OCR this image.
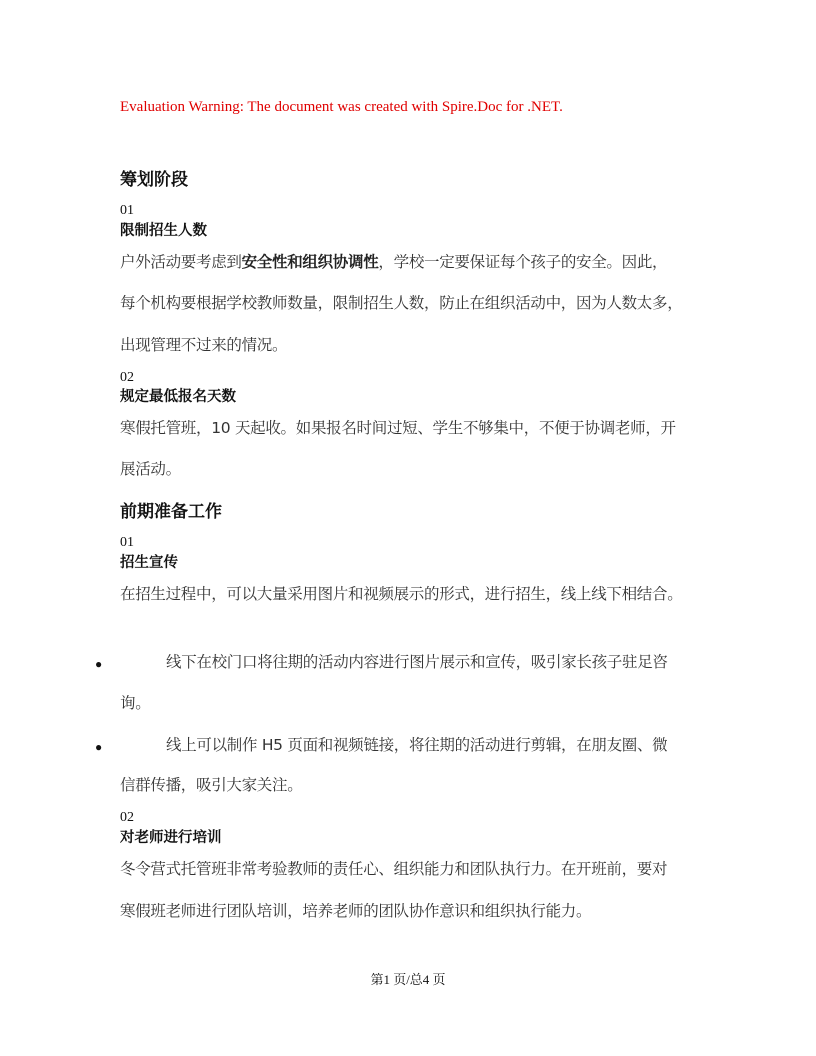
Evaluation Warning: The document was created with Spire.Doc for .NET.
筹划阶段
01
限制招生人数
户外活动要考虑到安全性和组织协调性，学校一定要保证每个孩子的安全。因此，
每个机构要根据学校教师数量，限制招生人数，防止在组织活动中，因为人数太多，
出现管理不过来的情况。
02
规定最低报名天数
寒假托管班，10 天起收。如果报名时间过短、学生不够集中，不便于协调老师，开
展活动。
前期准备工作
01
招生宣传
在招生过程中，可以大量采用图片和视频展示的形式，进行招生，线上线下相结合。
●	线下在校门口将往期的活动内容进行图片展示和宣传，吸引家长孩子驻足咨
询。
●	线上可以制作 H5 页面和视频链接，将往期的活动进行剪辑，在朋友圈、微
信群传播，吸引大家关注。
02
对老师进行培训
冬令营式托管班非常考验教师的责任心、组织能力和团队执行力。在开班前，要对
寒假班老师进行团队培训，培养老师的团队协作意识和组织执行能力。
第1 页/总4 页
